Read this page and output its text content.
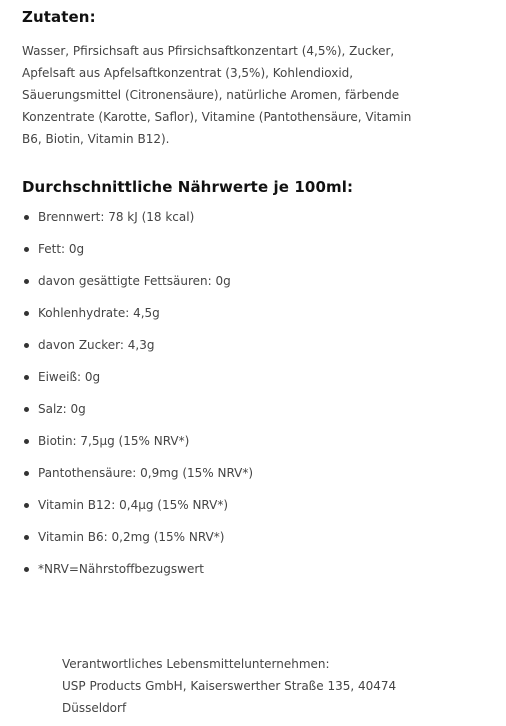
Zutaten:

Wasser, Pfirsichsaft aus Pfirsichsaftkonzentart (4,5%), Zucker, Apfelsaft aus Apfelsaftkonzentrat (3,5%), Kohlendioxid, Säuerungsmittel (Citronensäure), natürliche Aromen, färbende Konzentrate (Karotte, Saflor), Vitamine (Pantothensäure, Vitamin B6, Biotin, Vitamin B12).

Durchschnittliche Nährwerte je 100ml:
Brennwert: 78 kJ (18 kcal)
Fett: 0g
davon gesättigte Fettsäuren: 0g
Kohlenhydrate: 4,5g
davon Zucker: 4,3g
Eiweiß: 0g
Salz: 0g
Biotin: 7,5µg (15% NRV*)
Pantothensäure: 0,9mg (15% NRV*)
Vitamin B12: 0,4µg (15% NRV*)
Vitamin B6: 0,2mg (15% NRV*)
*NRV=Nährstoffbezugswert
Verantwortliches Lebensmittelunternehmen:
USP Products GmbH, Kaiserswerther Straße 135, 40474
Düsseldorf
